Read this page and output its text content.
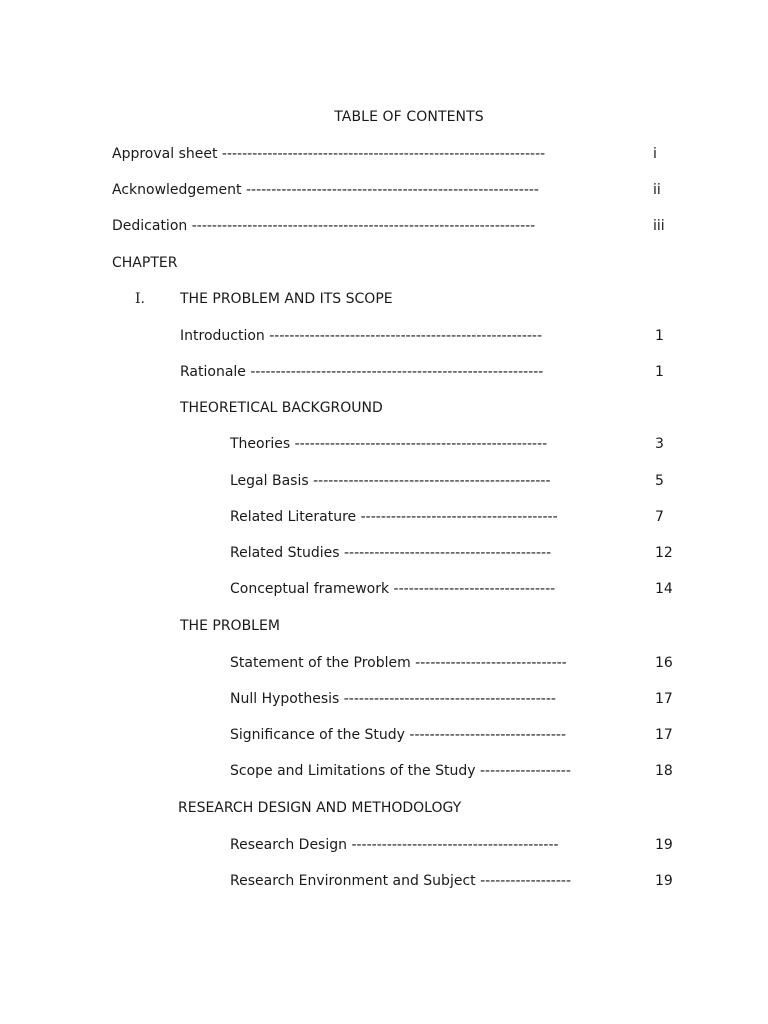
TABLE OF CONTENTS
Approval sheet ----------------------------------------------------------------	i
Acknowledgement ----------------------------------------------------------	ii
Dedication --------------------------------------------------------------------	iii
CHAPTER
I.	THE PROBLEM AND ITS SCOPE
Introduction ------------------------------------------------------	1
Rationale ----------------------------------------------------------	1
THEORETICAL BACKGROUND
Theories --------------------------------------------------	3
Legal Basis -----------------------------------------------	5
Related Literature ---------------------------------------	7
Related Studies -----------------------------------------	12
Conceptual framework --------------------------------	14
THE PROBLEM
Statement of the Problem ------------------------------	16
Null Hypothesis ------------------------------------------	17
Significance of the Study -------------------------------	17
Scope and Limitations of the Study ------------------	18
RESEARCH DESIGN AND METHODOLOGY
Research Design -----------------------------------------	19
Research Environment and Subject ------------------	19
